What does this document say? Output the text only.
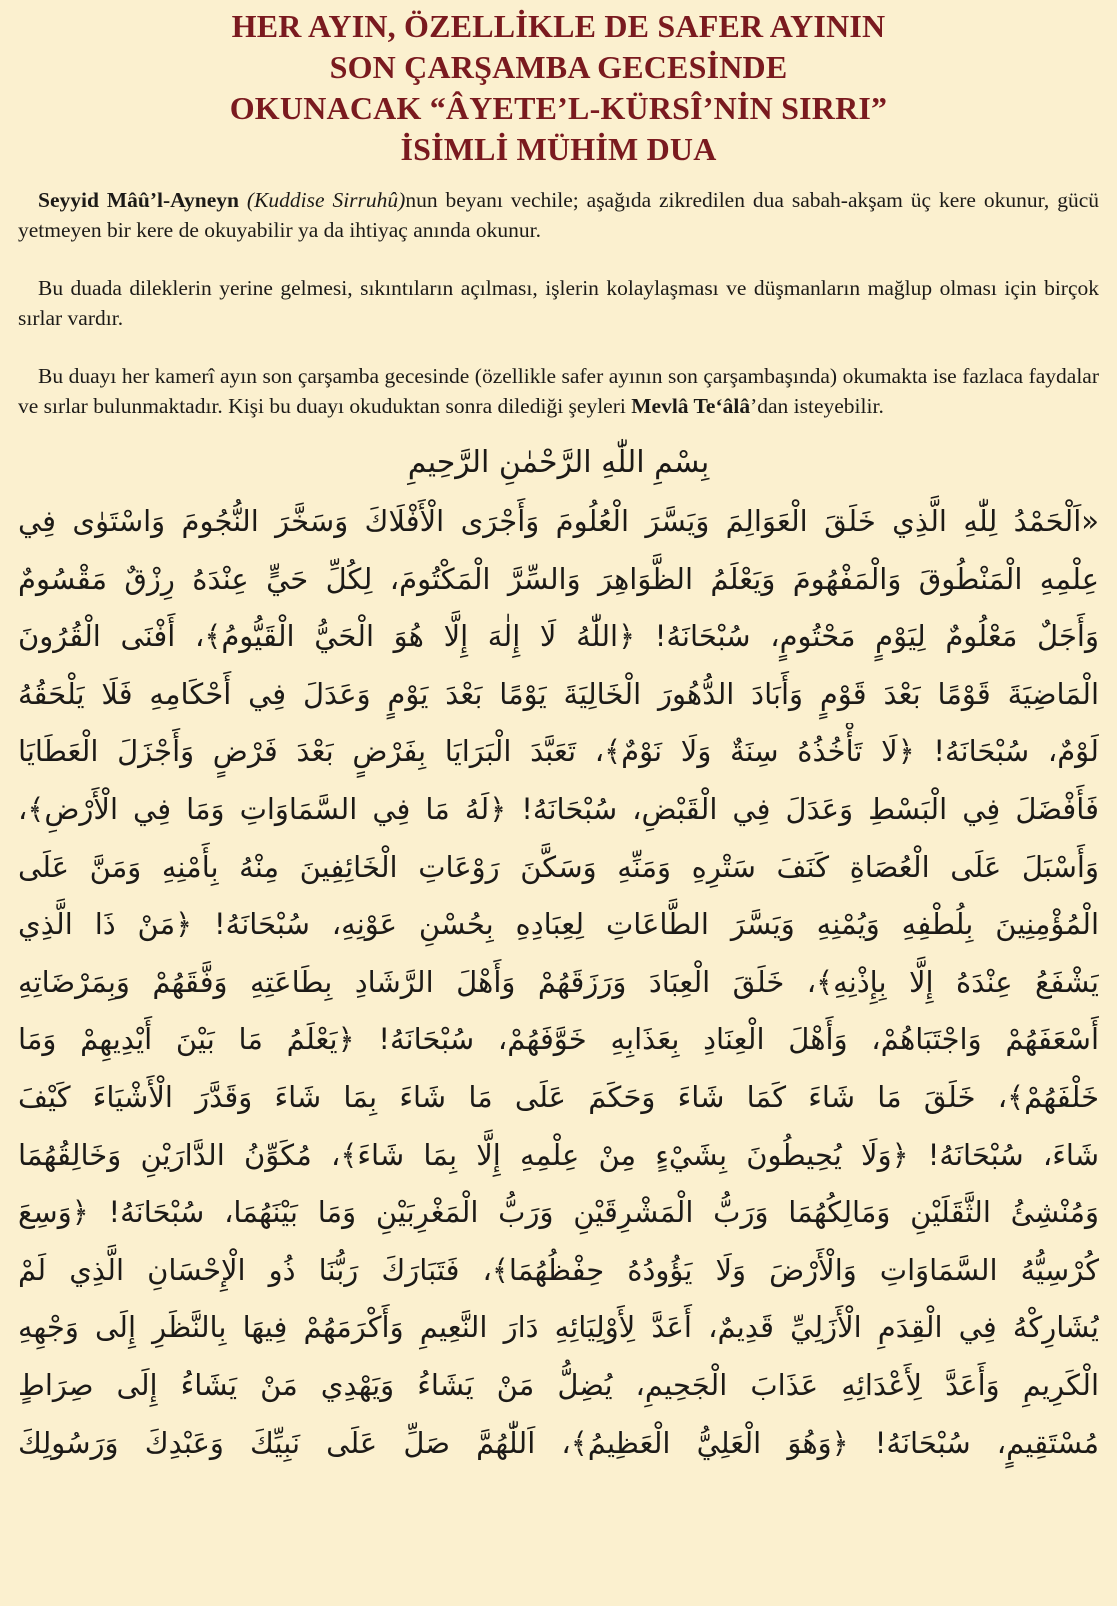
HER AYIN, ÖZELLİKLE DE SAFER AYININ
SON ÇARŞAMBA GECESİNDE
OKUNACAK “ÂYETE’L-KÜRSÎ’NİN SIRRI”
İSİMLİ MÜHİM DUA

Seyyid Mâû’l-Ayneyn (Kuddise Sirruhû)nun beyanı vechile; aşağıda zikredilen dua sabah-akşam üç kere okunur, gücü yetmeyen bir kere de okuyabilir ya da ihtiyaç anında okunur.

Bu duada dileklerin yerine gelmesi, sıkıntıların açılması, işlerin kolaylaşması ve düşmanların mağlup olması için birçok sırlar vardır.

Bu duayı her kamerî ayın son çarşamba gecesinde (özellikle safer ayının son çarşambaşında) okumakta ise fazlaca faydalar ve sırlar bulunmaktadır. Kişi bu duayı okuduktan sonra dilediği şeyleri Mevlâ Te‘âlâ’dan isteyebilir.

بِسْمِ اللّٰهِ الرَّحْمٰنِ الرَّحِيمِ
«اَلْحَمْدُ لِلّٰهِ الَّذِي خَلَقَ الْعَوَالِمَ وَيَسَّرَ الْعُلُومَ وَأَجْرَى الْأَفْلَاكَ وَسَخَّرَ النُّجُومَ وَاسْتَوٰى فِي
عِلْمِهِ الْمَنْطُوقَ وَالْمَفْهُومَ وَيَعْلَمُ الظَّوَاهِرَ وَالسِّرَّ الْمَكْتُومَ، لِكُلِّ حَيٍّ عِنْدَهُ رِزْقٌ مَقْسُومٌ
وَأَجَلٌ مَعْلُومٌ لِيَوْمٍ مَحْتُومٍ، سُبْحَانَهُ! ﴿اللّٰهُ لَا إِلٰهَ إِلَّا هُوَ الْحَيُّ الْقَيُّومُ﴾، أَفْنَى الْقُرُونَ
الْمَاضِيَةَ قَوْمًا بَعْدَ قَوْمٍ وَأَبَادَ الدُّهُورَ الْخَالِيَةَ يَوْمًا بَعْدَ يَوْمٍ وَعَدَلَ فِي أَحْكَامِهِ فَلَا يَلْحَقُهُ
لَوْمٌ، سُبْحَانَهُ! ﴿لَا تَأْخُذُهُ سِنَةٌ وَلَا نَوْمٌ﴾، تَعَبَّدَ الْبَرَايَا بِفَرْضٍ بَعْدَ فَرْضٍ وَأَجْزَلَ الْعَطَايَا
فَأَفْضَلَ فِي الْبَسْطِ وَعَدَلَ فِي الْقَبْضِ، سُبْحَانَهُ! ﴿لَهُ مَا فِي السَّمَاوَاتِ وَمَا فِي الْأَرْضِ﴾،
وَأَسْبَلَ عَلَى الْعُصَاةِ كَنَفَ سَتْرِهِ وَمَنِّهِ وَسَكَّنَ رَوْعَاتِ الْخَائِفِينَ مِنْهُ بِأَمْنِهِ وَمَنَّ عَلَى
الْمُؤْمِنِينَ بِلُطْفِهِ وَيُمْنِهِ وَيَسَّرَ الطَّاعَاتِ لِعِبَادِهِ بِحُسْنِ عَوْنِهِ، سُبْحَانَهُ! ﴿مَنْ ذَا الَّذِي
يَشْفَعُ عِنْدَهُ إِلَّا بِإِذْنِهِ﴾، خَلَقَ الْعِبَادَ وَرَزَقَهُمْ وَأَهْلَ الرَّشَادِ بِطَاعَتِهِ وَفَّقَهُمْ وَبِمَرْضَاتِهِ
أَسْعَفَهُمْ وَاجْتَبَاهُمْ، وَأَهْلَ الْعِنَادِ بِعَذَابِهِ خَوَّفَهُمْ، سُبْحَانَهُ! ﴿يَعْلَمُ مَا بَيْنَ أَيْدِيهِمْ وَمَا
خَلْفَهُمْ﴾، خَلَقَ مَا شَاءَ كَمَا شَاءَ وَحَكَمَ عَلَى مَا شَاءَ بِمَا شَاءَ وَقَدَّرَ الْأَشْيَاءَ كَيْفَ
شَاءَ، سُبْحَانَهُ! ﴿وَلَا يُحِيطُونَ بِشَيْءٍ مِنْ عِلْمِهِ إِلَّا بِمَا شَاءَ﴾، مُكَوِّنُ الدَّارَيْنِ وَخَالِقُهُمَا
وَمُنْشِئُ الثَّقَلَيْنِ وَمَالِكُهُمَا وَرَبُّ الْمَشْرِقَيْنِ وَرَبُّ الْمَغْرِبَيْنِ وَمَا بَيْنَهُمَا، سُبْحَانَهُ! ﴿وَسِعَ
كُرْسِيُّهُ السَّمَاوَاتِ وَالْأَرْضَ وَلَا يَؤُودُهُ حِفْظُهُمَا﴾، فَتَبَارَكَ رَبُّنَا ذُو الْإِحْسَانِ الَّذِي لَمْ
يُشَارِكْهُ فِي الْقِدَمِ الْأَزَلِيِّ قَدِيمٌ، أَعَدَّ لِأَوْلِيَائِهِ دَارَ النَّعِيمِ وَأَكْرَمَهُمْ فِيهَا بِالنَّظَرِ إِلَى وَجْهِهِ
الْكَرِيمِ وَأَعَدَّ لِأَعْدَائِهِ عَذَابَ الْجَحِيمِ، يُضِلُّ مَنْ يَشَاءُ وَيَهْدِي مَنْ يَشَاءُ إِلَى صِرَاطٍ
مُسْتَقِيمٍ، سُبْحَانَهُ! ﴿وَهُوَ الْعَلِيُّ الْعَظِيمُ﴾، اَللّٰهُمَّ صَلِّ عَلَى نَبِيِّكَ وَعَبْدِكَ وَرَسُولِكَ
